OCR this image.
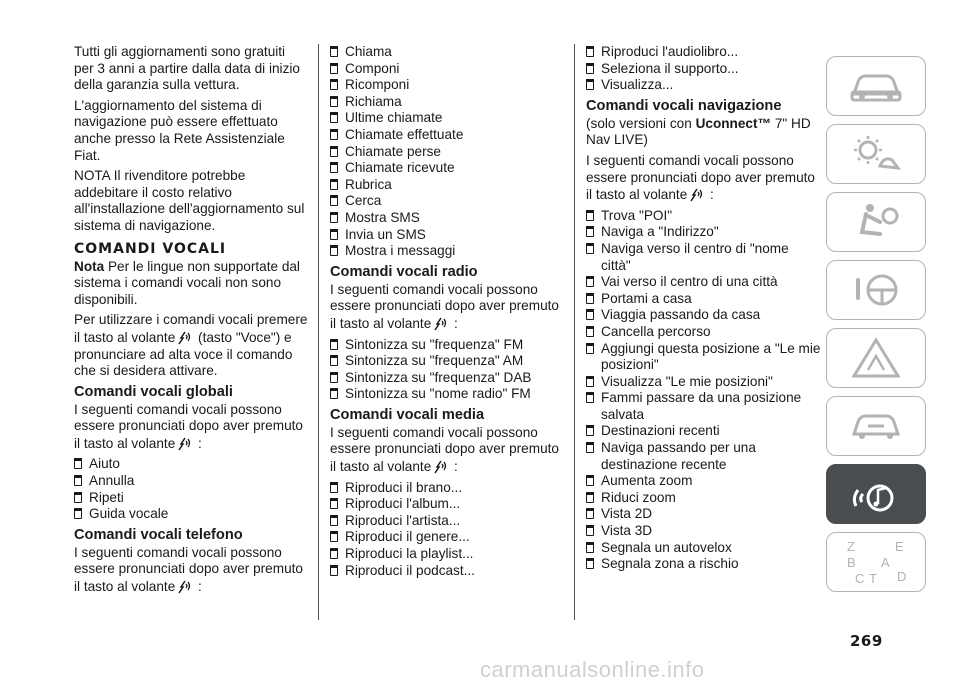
Tutti gli aggiornamenti sono gratuiti per 3 anni a partire dalla data di inizio della garanzia sulla vettura.

L'aggiornamento del sistema di navigazione può essere effettuato anche presso la Rete Assistenziale Fiat.

NOTA Il rivenditore potrebbe addebitare il costo relativo all'installazione dell'aggiornamento sul sistema di navigazione.

COMANDI VOCALI

Nota Per le lingue non supportate dal sistema i comandi vocali non sono disponibili.

Per utilizzare i comandi vocali premere il tasto al volante (tasto "Voce") e pronunciare ad alta voce il comando che si desidera attivare.

Comandi vocali globali

I seguenti comandi vocali possono essere pronunciati dopo aver premuto il tasto al volante :

Aiuto
Annulla
Ripeti
Guida vocale
Comandi vocali telefono

I seguenti comandi vocali possono essere pronunciati dopo aver premuto il tasto al volante :

Chiama
Componi
Ricomponi
Richiama
Ultime chiamate
Chiamate effettuate
Chiamate perse
Chiamate ricevute
Rubrica
Cerca
Mostra SMS
Invia un SMS
Mostra i messaggi
Comandi vocali radio

I seguenti comandi vocali possono essere pronunciati dopo aver premuto il tasto al volante :

Sintonizza su "frequenza" FM
Sintonizza su "frequenza" AM
Sintonizza su "frequenza" DAB
Sintonizza su "nome radio" FM
Comandi vocali media

I seguenti comandi vocali possono essere pronunciati dopo aver premuto il tasto al volante :

Riproduci il brano...
Riproduci l'album...
Riproduci l'artista...
Riproduci il genere...
Riproduci la playlist...
Riproduci il podcast...
Riproduci l'audiolibro...
Seleziona il supporto...
Visualizza...
Comandi vocali navigazione

(solo versioni con Uconnect™ 7" HD Nav LIVE)

I seguenti comandi vocali possono essere pronunciati dopo aver premuto il tasto al volante :

Trova "POI"
Naviga a "Indirizzo"
Naviga verso il centro di "nome città"
Vai verso il centro di una città
Portami a casa
Viaggia passando da casa
Cancella percorso
Aggiungi questa posizione a "Le mie posizioni"
Visualizza "Le mie posizioni"
Fammi passare da una posizione salvata
Destinazioni recenti
Naviga passando per una destinazione recente
Aumenta zoom
Riduci zoom
Vista 2D
Vista 3D
Segnala un autovelox
Segnala zona a rischio
Z	E
B A
C	D
T
269
carmanualsonline.info
